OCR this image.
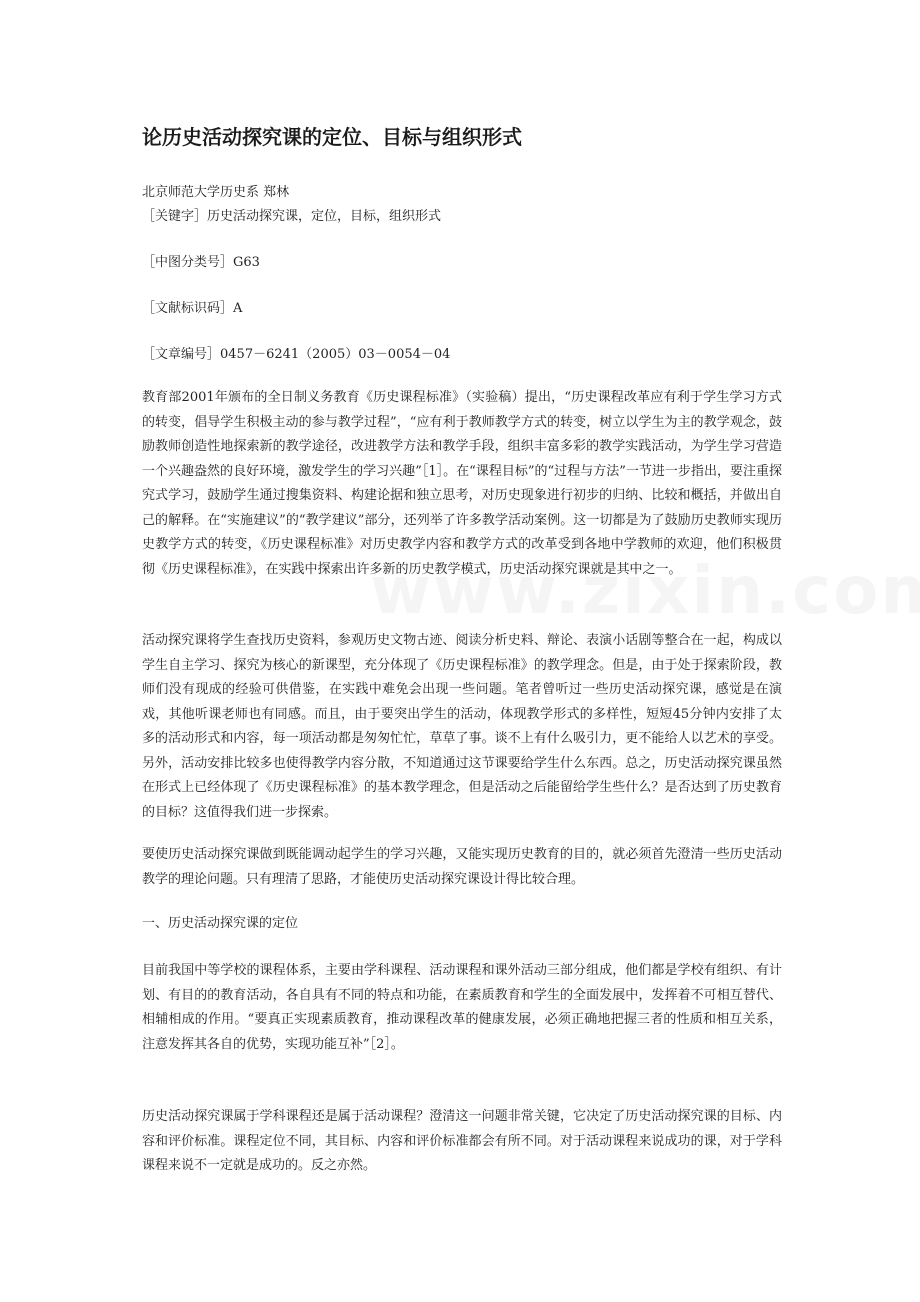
论历史活动探究课的定位、目标与组织形式

北京师范大学历史系 郑林

［关键字］历史活动探究课，定位，目标，组织形式

［中图分类号］G63

［文献标识码］A

［文章编号］0457－6241（2005）03－0054－04

教育部2001年颁布的全日制义务教育《历史课程标准》（实验稿）提出，“历史课程改革应有利于学生学习方式的转变，倡导学生积极主动的参与教学过程”，“应有利于教师教学方式的转变，树立以学生为主的教学观念，鼓励教师创造性地探索新的教学途径，改进教学方法和教学手段，组织丰富多彩的教学实践活动，为学生学习营造一个兴趣盎然的良好环境，激发学生的学习兴趣”［1］。在“课程目标”的“过程与方法”一节进一步指出，要注重探究式学习，鼓励学生通过搜集资料、构建论据和独立思考，对历史现象进行初步的归纳、比较和概括，并做出自己的解释。在“实施建议”的“教学建议”部分，还列举了许多教学活动案例。这一切都是为了鼓励历史教师实现历史教学方式的转变，《历史课程标准》对历史教学内容和教学方式的改革受到各地中学教师的欢迎，他们积极贯彻《历史课程标准》，在实践中探索出许多新的历史教学模式，历史活动探究课就是其中之一。

活动探究课将学生查找历史资料，参观历史文物古迹、阅读分析史料、辩论、表演小话剧等整合在一起，构成以学生自主学习、探究为核心的新课型，充分体现了《历史课程标准》的教学理念。但是，由于处于探索阶段，教师们没有现成的经验可供借鉴，在实践中难免会出现一些问题。笔者曾听过一些历史活动探究课，感觉是在演戏，其他听课老师也有同感。而且，由于要突出学生的活动，体现教学形式的多样性，短短45分钟内安排了太多的活动形式和内容，每一项活动都是匆匆忙忙，草草了事。谈不上有什么吸引力，更不能给人以艺术的享受。另外，活动安排比较多也使得教学内容分散，不知道通过这节课要给学生什么东西。总之，历史活动探究课虽然在形式上已经体现了《历史课程标准》的基本教学理念，但是活动之后能留给学生些什么？是否达到了历史教育的目标？这值得我们进一步探索。

要使历史活动探究课做到既能调动起学生的学习兴趣，又能实现历史教育的目的，就必须首先澄清一些历史活动教学的理论问题。只有理清了思路，才能使历史活动探究课设计得比较合理。

一、历史活动探究课的定位

目前我国中等学校的课程体系，主要由学科课程、活动课程和课外活动三部分组成，他们都是学校有组织、有计划、有目的的教育活动，各自具有不同的特点和功能，在素质教育和学生的全面发展中，发挥着不可相互替代、相辅相成的作用。“要真正实现素质教育，推动课程改革的健康发展，必须正确地把握三者的性质和相互关系，注意发挥其各自的优势，实现功能互补”［2］。

历史活动探究课属于学科课程还是属于活动课程？澄清这一问题非常关键，它决定了历史活动探究课的目标、内容和评价标准。课程定位不同，其目标、内容和评价标准都会有所不同。对于活动课程来说成功的课，对于学科课程来说不一定就是成功的。反之亦然。
